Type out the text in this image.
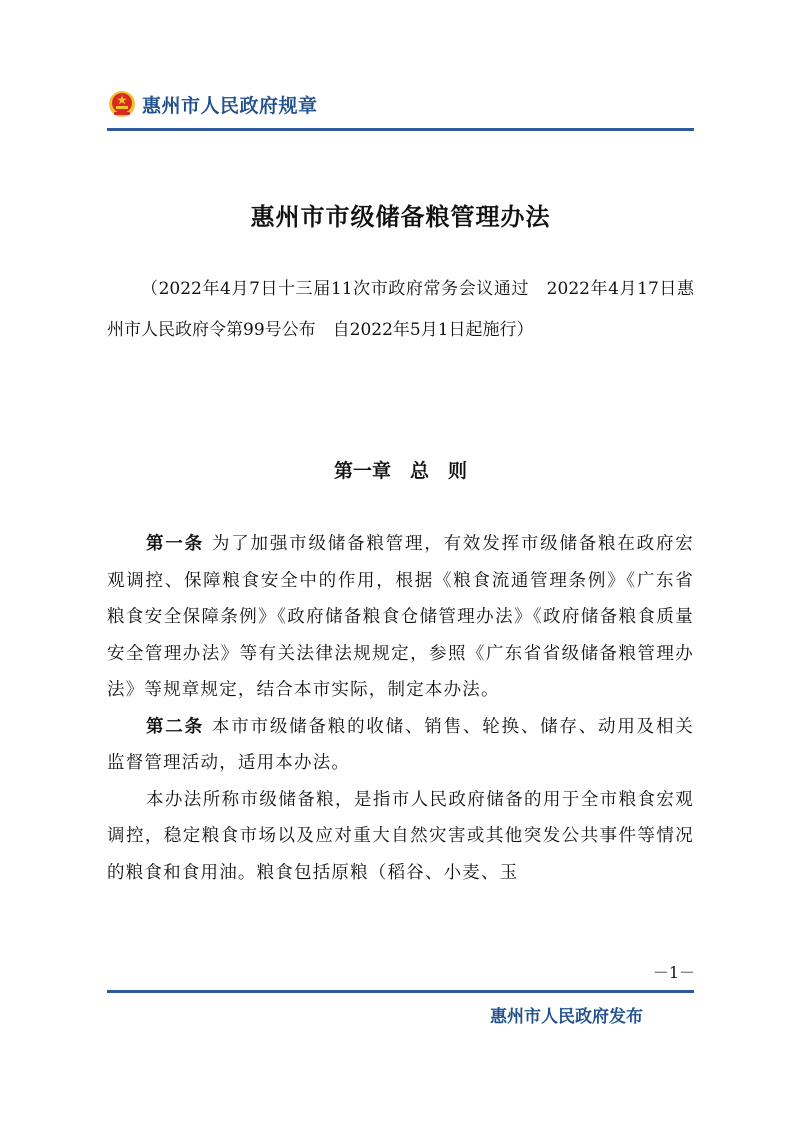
惠州市人民政府规章
惠州市市级储备粮管理办法

（2022年4月7日十三届11次市政府常务会议通过　2022年4月17日惠州市人民政府令第99号公布　自2022年5月1日起施行）

第一章　总　则

第一条 为了加强市级储备粮管理，有效发挥市级储备粮在政府宏观调控、保障粮食安全中的作用，根据《粮食流通管理条例》《广东省粮食安全保障条例》《政府储备粮食仓储管理办法》《政府储备粮食质量安全管理办法》等有关法律法规规定，参照《广东省省级储备粮管理办法》等规章规定，结合本市实际，制定本办法。

第二条 本市市级储备粮的收储、销售、轮换、储存、动用及相关监督管理活动，适用本办法。

本办法所称市级储备粮，是指市人民政府储备的用于全市粮食宏观调控，稳定粮食市场以及应对重大自然灾害或其他突发公共事件等情况的粮食和食用油。粮食包括原粮（稻谷、小麦、玉

－1－
惠州市人民政府发布
